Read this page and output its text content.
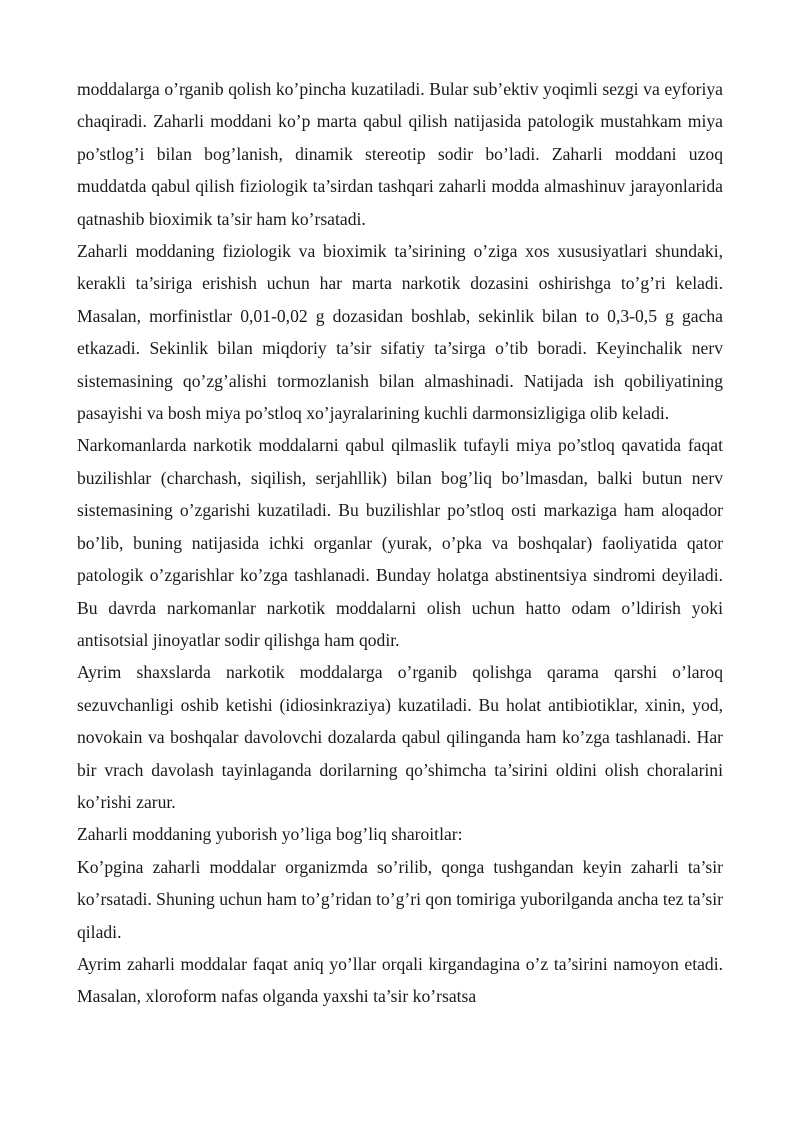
moddalarga o’rganib qolish ko’pincha kuzatiladi. Bular sub’ektiv yoqimli sezgi va eyforiya chaqiradi. Zaharli moddani ko’p marta qabul qilish natijasida patologik mustahkam miya po’stlog’i bilan bog’lanish, dinamik stereotip sodir bo’ladi. Zaharli moddani uzoq muddatda qabul qilish fiziologik ta’sirdan tashqari zaharli modda almashinuv jarayonlarida qatnashib bioximik ta’sir ham ko’rsatadi.

Zaharli moddaning fiziologik va bioximik ta’sirining o’ziga xos xususiyatlari shundaki, kerakli ta’siriga erishish uchun har marta narkotik dozasini oshirishga to’g’ri keladi. Masalan, morfinistlar 0,01-0,02 g dozasidan boshlab, sekinlik bilan to 0,3-0,5 g gacha etkazadi. Sekinlik bilan miqdoriy ta’sir sifatiy ta’sirga o’tib boradi. Keyinchalik nerv sistemasining qo’zg’alishi tormozlanish bilan almashinadi. Natijada ish qobiliyatining pasayishi va bosh miya po’stloq xo’jayralarining kuchli darmonsizligiga olib keladi.

Narkomanlarda narkotik moddalarni qabul qilmaslik tufayli miya po’stloq qavatida faqat buzilishlar (charchash, siqilish, serjahllik) bilan bog’liq bo’lmasdan, balki butun nerv sistemasining o’zgarishi kuzatiladi. Bu buzilishlar po’stloq osti markaziga ham aloqador bo’lib, buning natijasida ichki organlar (yurak, o’pka va boshqalar) faoliyatida qator patologik o’zgarishlar ko’zga tashlanadi. Bunday holatga abstinentsiya sindromi deyiladi. Bu davrda narkomanlar narkotik moddalarni olish uchun hatto odam o’ldirish yoki antisotsial jinoyatlar sodir qilishga ham qodir.

Ayrim shaxslarda narkotik moddalarga o’rganib qolishga qarama qarshi o’laroq sezuvchanligi oshib ketishi (idiosinkraziya) kuzatiladi. Bu holat antibiotiklar, xinin, yod, novokain va boshqalar davolovchi dozalarda qabul qilinganda ham ko’zga tashlanadi. Har bir vrach davolash tayinlaganda dorilarning qo’shimcha ta’sirini oldini olish choralarini ko’rishi zarur.

Zaharli moddaning yuborish yo’liga bog’liq sharoitlar:

Ko’pgina zaharli moddalar organizmda so’rilib, qonga tushgandan keyin zaharli ta’sir ko’rsatadi. Shuning uchun ham to’g’ridan to’g’ri qon tomiriga yuborilganda ancha tez ta’sir qiladi.

Ayrim zaharli moddalar faqat aniq yo’llar orqali kirgandagina o’z ta’sirini namoyon etadi. Masalan, xloroform nafas olganda yaxshi ta’sir ko’rsatsa
